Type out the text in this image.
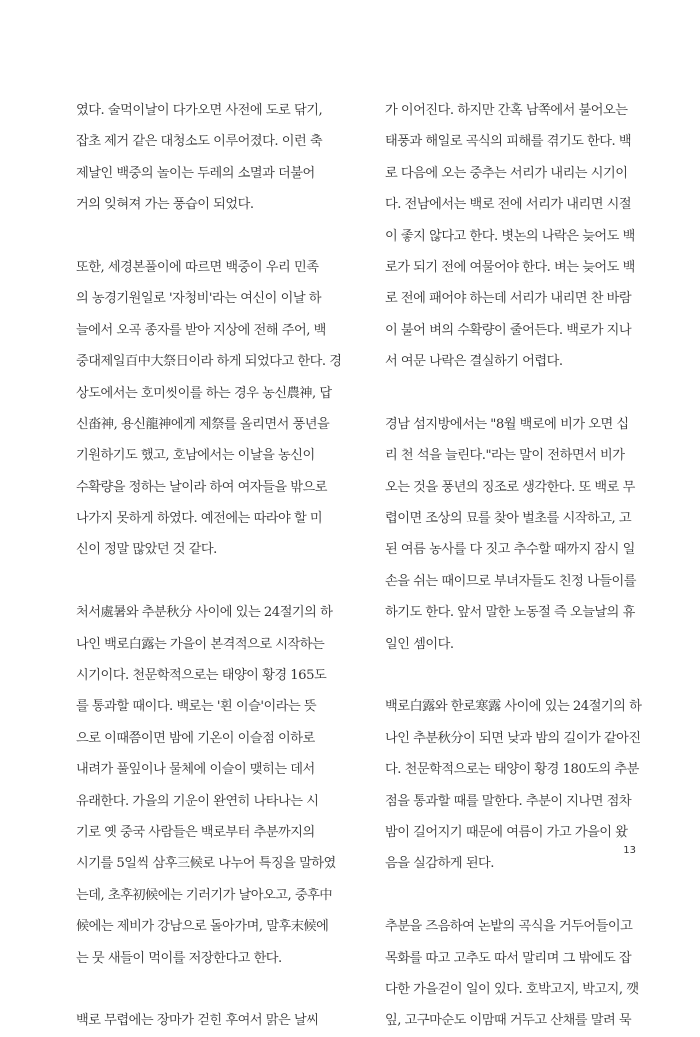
였다. 술먹이날이 다가오면 사전에 도로 닦기,
잡초 제거 같은 대청소도 이루어졌다. 이런 축
제날인 백중의 놀이는 두레의 소멸과 더불어
거의 잊혀져 가는 풍습이 되었다.
또한, 세경본풀이에 따르면 백중이 우리 민족
의 농경기원일로 '자청비'라는 여신이 이날 하
늘에서 오곡 종자를 받아 지상에 전해 주어, 백
중대제일百中大祭日이라 하게 되었다고 한다. 경
상도에서는 호미씻이를 하는 경우 농신農神, 답
신畓神, 용신龍神에게 제祭를 올리면서 풍년을
기원하기도 했고, 호남에서는 이날을 농신이
수확량을 정하는 날이라 하여 여자들을 밖으로
나가지 못하게 하였다. 예전에는 따라야 할 미
신이 정말 많았던 것 같다.
처서處暑와 추분秋分 사이에 있는 24절기의 하
나인 백로白露는 가을이 본격적으로 시작하는
시기이다. 천문학적으로는 태양이 황경 165도
를 통과할 때이다. 백로는 '흰 이슬'이라는 뜻
으로 이때쯤이면 밤에 기온이 이슬점 이하로
내려가 풀잎이나 물체에 이슬이 맺히는 데서
유래한다. 가을의 기운이 완연히 나타나는 시
기로 옛 중국 사람들은 백로부터 추분까지의
시기를 5일씩 삼후三候로 나누어 특징을 말하였
는데, 초후初候에는 기러기가 날아오고, 중후中
候에는 제비가 강남으로 돌아가며, 말후末候에
는 뭇 새들이 먹이를 저장한다고 한다.
백로 무렵에는 장마가 걷힌 후여서 맑은 날씨
가 이어진다. 하지만 간혹 남쪽에서 불어오는
태풍과 해일로 곡식의 피해를 겪기도 한다. 백
로 다음에 오는 중추는 서리가 내리는 시기이
다. 전남에서는 백로 전에 서리가 내리면 시절
이 좋지 않다고 한다. 볏논의 나락은 늦어도 백
로가 되기 전에 여물어야 한다. 벼는 늦어도 백
로 전에 패어야 하는데 서리가 내리면 찬 바람
이 불어 벼의 수확량이 줄어든다. 백로가 지나
서 여문 나락은 결실하기 어렵다.
경남 섬지방에서는 "8월 백로에 비가 오면 십
리 천 석을 늘린다."라는 말이 전하면서 비가
오는 것을 풍년의 징조로 생각한다. 또 백로 무
렵이면 조상의 묘를 찾아 벌초를 시작하고, 고
된 여름 농사를 다 짓고 추수할 때까지 잠시 일
손을 쉬는 때이므로 부녀자들도 친정 나들이를
하기도 한다. 앞서 말한 노동절 즉 오늘날의 휴
일인 셈이다.
백로白露와 한로寒露 사이에 있는 24절기의 하
나인 추분秋分이 되면 낮과 밤의 길이가 같아진
다. 천문학적으로는 태양이 황경 180도의 추분
점을 통과할 때를 말한다. 추분이 지나면 점차
밤이 길어지기 때문에 여름이 가고 가을이 왔
음을 실감하게 된다.
추분을 즈음하여 논밭의 곡식을 거두어들이고
목화를 따고 고추도 따서 말리며 그 밖에도 잡
다한 가을걷이 일이 있다. 호박고지, 박고지, 깻
잎, 고구마순도 이맘때 거두고 산채를 말려 묵
13
